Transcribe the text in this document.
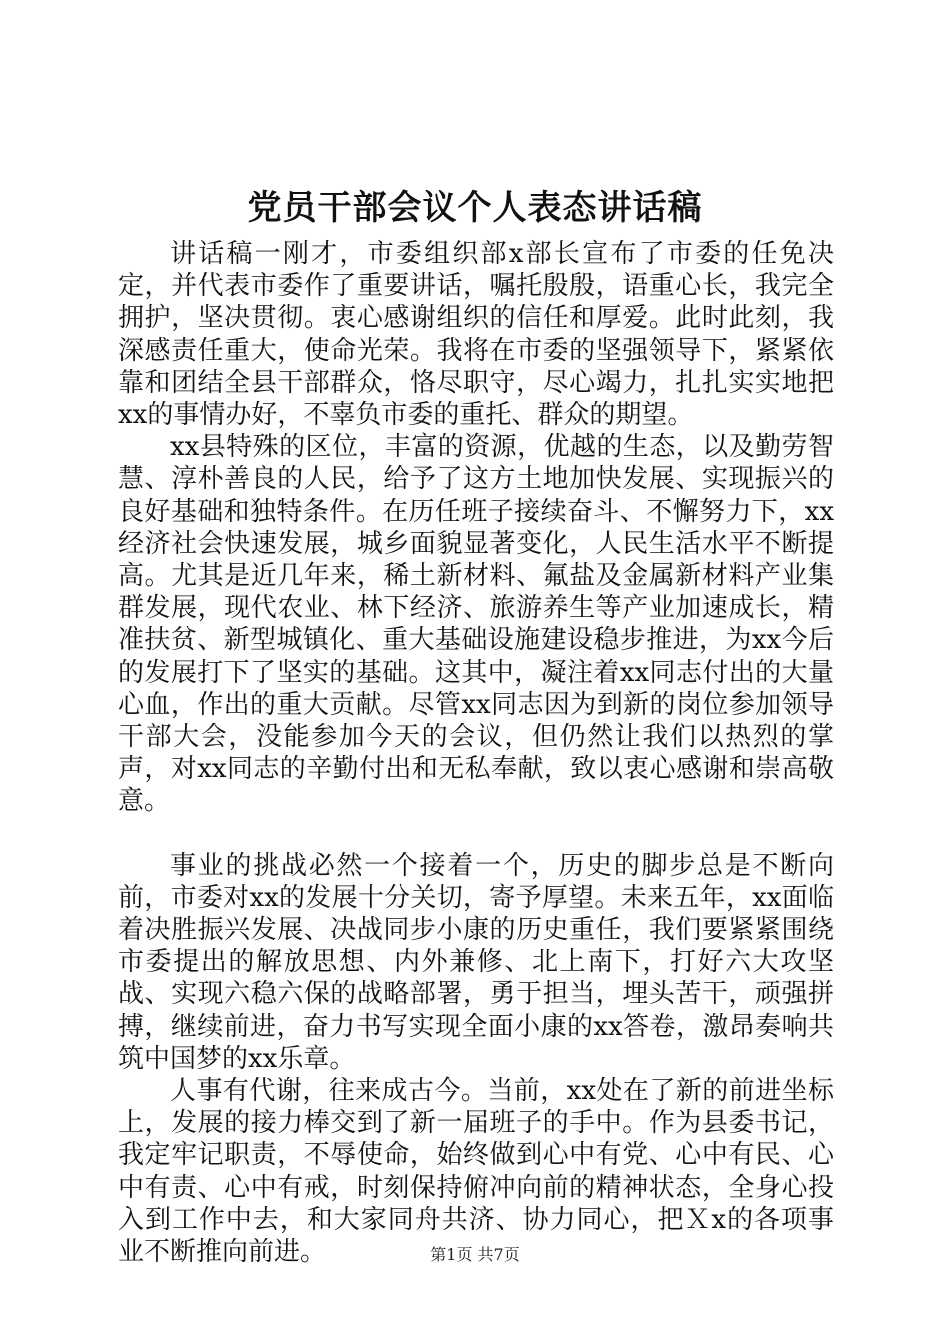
党员干部会议个人表态讲话稿

讲话稿一刚才，市委组织部x部长宣布了市委的任免决定，并代表市委作了重要讲话，嘱托殷殷，语重心长，我完全拥护，坚决贯彻。衷心感谢组织的信任和厚爱。此时此刻，我深感责任重大，使命光荣。我将在市委的坚强领导下，紧紧依靠和团结全县干部群众，恪尽职守，尽心竭力，扎扎实实地把xx的事情办好，不辜负市委的重托、群众的期望。

xx县特殊的区位，丰富的资源，优越的生态，以及勤劳智慧、淳朴善良的人民，给予了这方土地加快发展、实现振兴的良好基础和独特条件。在历任班子接续奋斗、不懈努力下，xx经济社会快速发展，城乡面貌显著变化，人民生活水平不断提高。尤其是近几年来，稀土新材料、氟盐及金属新材料产业集群发展，现代农业、林下经济、旅游养生等产业加速成长，精准扶贫、新型城镇化、重大基础设施建设稳步推进，为xx今后的发展打下了坚实的基础。这其中，凝注着xx同志付出的大量心血，作出的重大贡献。尽管xx同志因为到新的岗位参加领导干部大会，没能参加今天的会议，但仍然让我们以热烈的掌声，对xx同志的辛勤付出和无私奉献，致以衷心感谢和崇高敬意。

事业的挑战必然一个接着一个，历史的脚步总是不断向前，市委对xx的发展十分关切，寄予厚望。未来五年，xx面临着决胜振兴发展、决战同步小康的历史重任，我们要紧紧围绕市委提出的解放思想、内外兼修、北上南下，打好六大攻坚战、实现六稳六保的战略部署，勇于担当，埋头苦干，顽强拼搏，继续前进，奋力书写实现全面小康的xx答卷，激昂奏响共筑中国梦的xx乐章。

人事有代谢，往来成古今。当前，xx处在了新的前进坐标上，发展的接力棒交到了新一届班子的手中。作为县委书记，我定牢记职责，不辱使命，始终做到心中有党、心中有民、心中有责、心中有戒，时刻保持俯冲向前的精神状态，全身心投入到工作中去，和大家同舟共济、协力同心，把Ｘx的各项事业不断推向前进。	第1页 共7页
